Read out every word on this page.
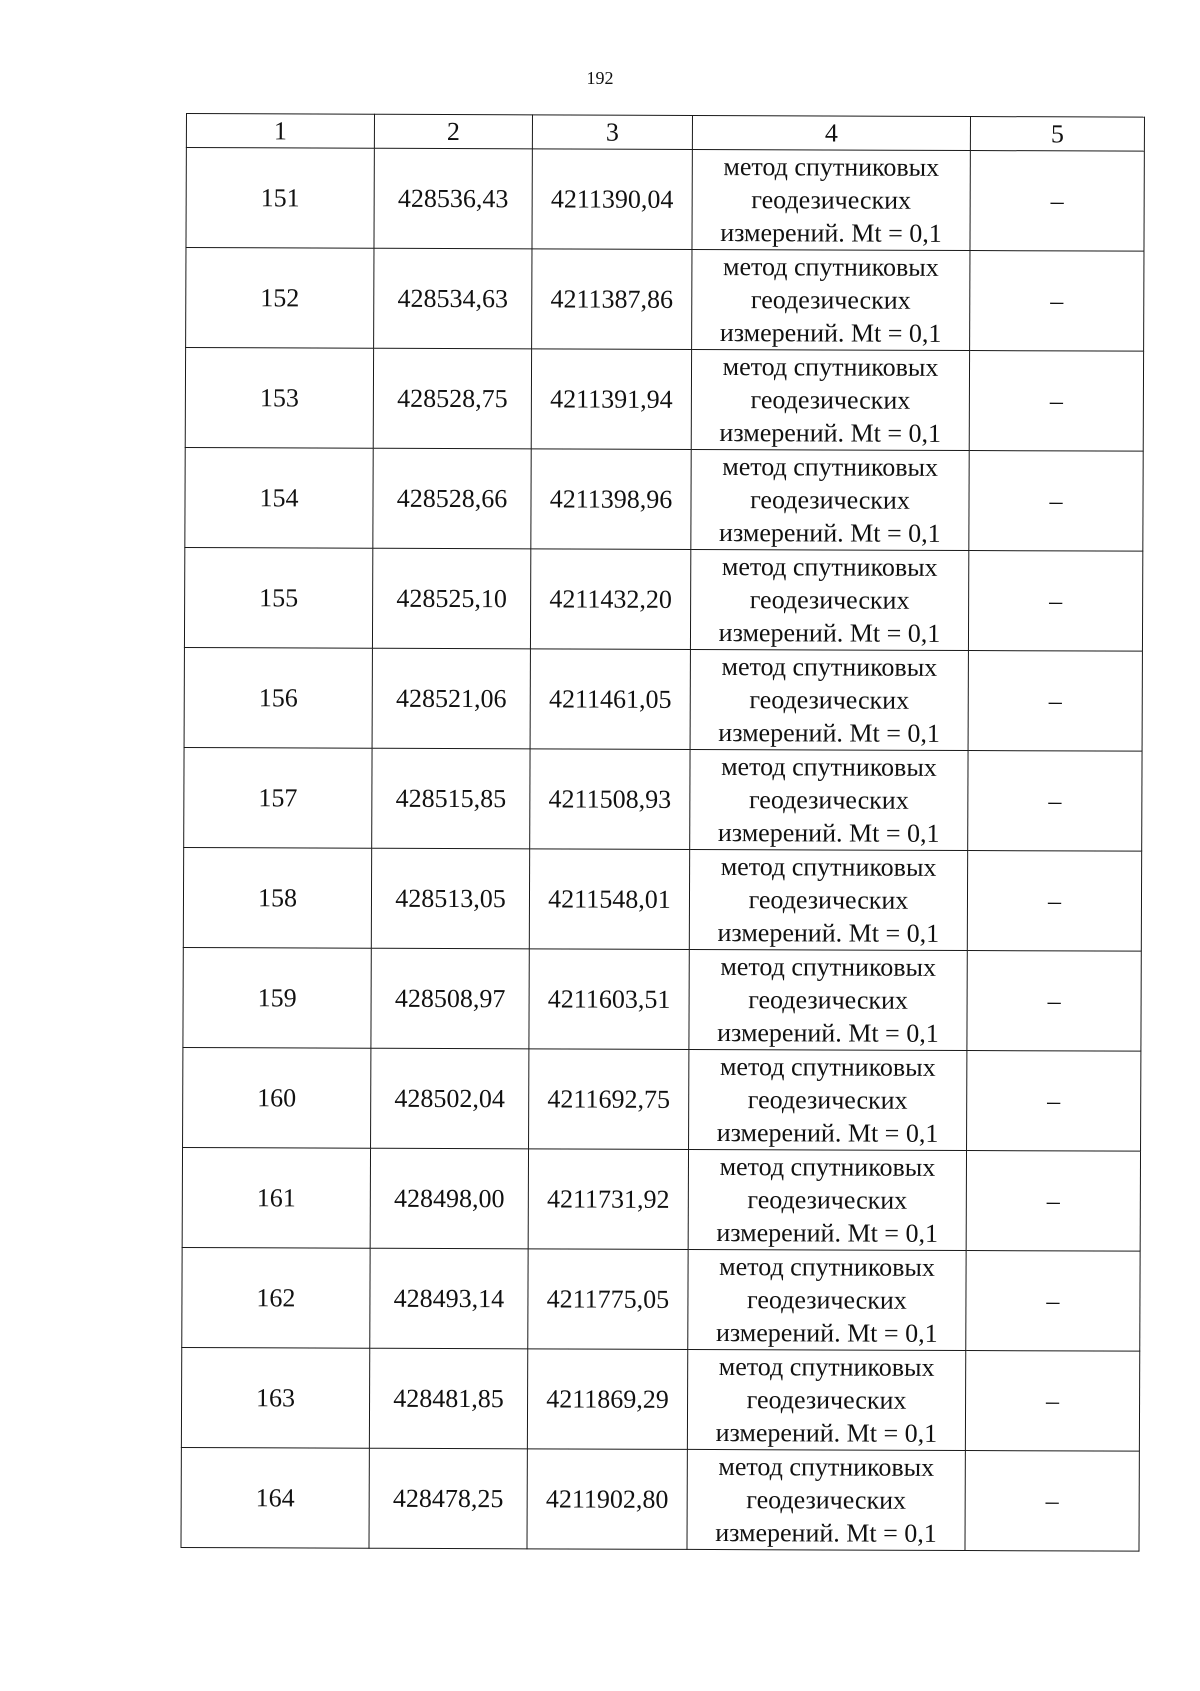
192
1	2	3	4	5
151	428536,43	4211390,04	метод спутниковых
геодезических
измерений. Mt = 0,1	–
152	428534,63	4211387,86	метод спутниковых
геодезических
измерений. Mt = 0,1	–
153	428528,75	4211391,94	метод спутниковых
геодезических
измерений. Mt = 0,1	–
154	428528,66	4211398,96	метод спутниковых
геодезических
измерений. Mt = 0,1	–
155	428525,10	4211432,20	метод спутниковых
геодезических
измерений. Mt = 0,1	–
156	428521,06	4211461,05	метод спутниковых
геодезических
измерений. Mt = 0,1	–
157	428515,85	4211508,93	метод спутниковых
геодезических
измерений. Mt = 0,1	–
158	428513,05	4211548,01	метод спутниковых
геодезических
измерений. Mt = 0,1	–
159	428508,97	4211603,51	метод спутниковых
геодезических
измерений. Mt = 0,1	–
160	428502,04	4211692,75	метод спутниковых
геодезических
измерений. Mt = 0,1	–
161	428498,00	4211731,92	метод спутниковых
геодезических
измерений. Mt = 0,1	–
162	428493,14	4211775,05	метод спутниковых
геодезических
измерений. Mt = 0,1	–
163	428481,85	4211869,29	метод спутниковых
геодезических
измерений. Mt = 0,1	–
164	428478,25	4211902,80	метод спутниковых
геодезических
измерений. Mt = 0,1	–
